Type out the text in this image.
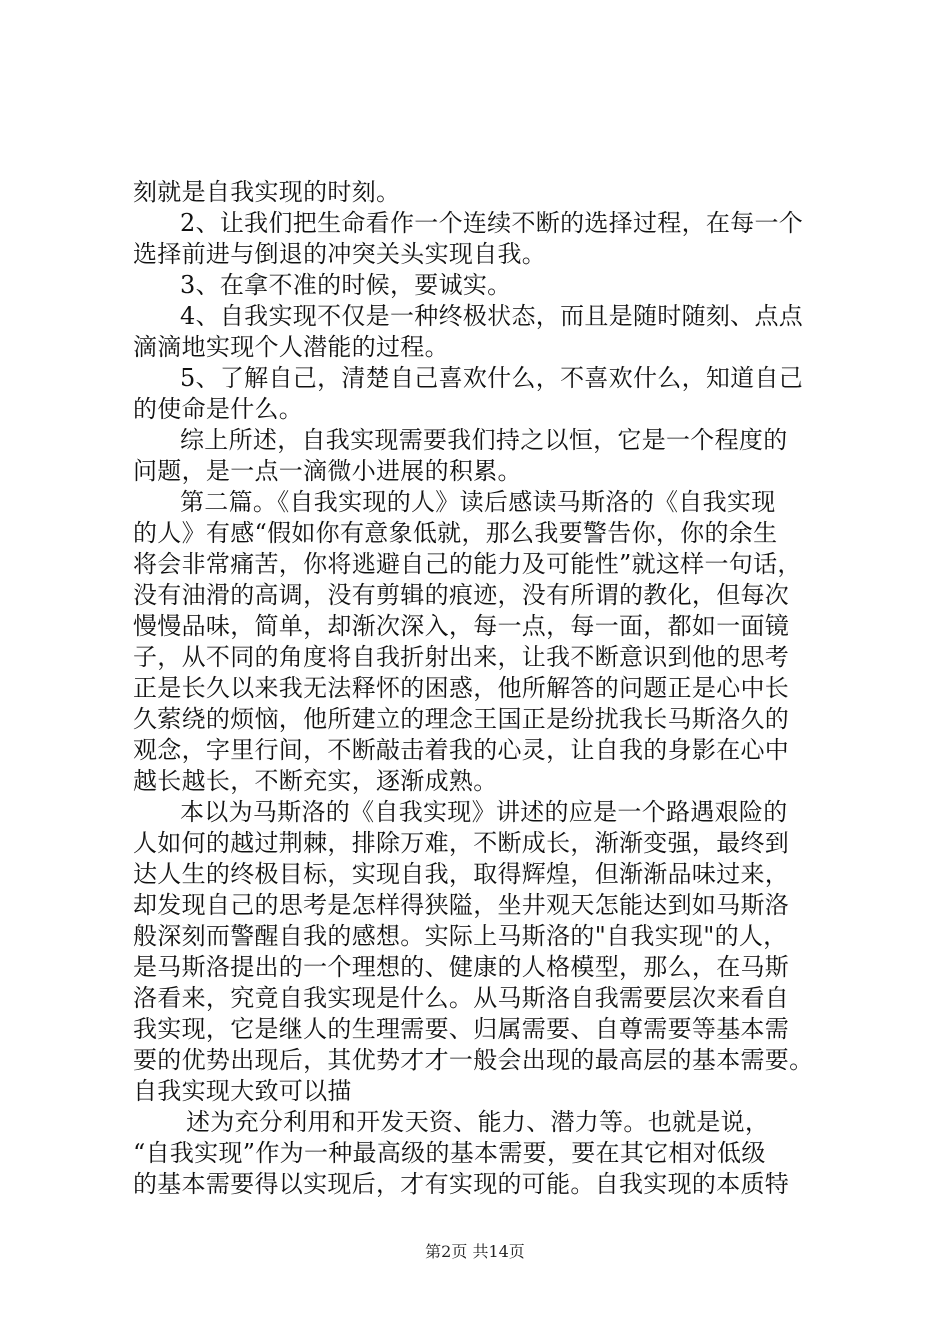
刻就是自我实现的时刻。
2、让我们把生命看作一个连续不断的选择过程，在每一个
选择前进与倒退的冲突关头实现自我。
3、在拿不准的时候，要诚实。
4、自我实现不仅是一种终极状态，而且是随时随刻、点点
滴滴地实现个人潜能的过程。
5、了解自己，清楚自己喜欢什么，不喜欢什么，知道自己
的使命是什么。
综上所述，自我实现需要我们持之以恒，它是一个程度的
问题，是一点一滴微小进展的积累。
第二篇。《自我实现的人》读后感读马斯洛的《自我实现
的人》有感“假如你有意象低就，那么我要警告你，你的余生
将会非常痛苦，你将逃避自己的能力及可能性”就这样一句话，
没有油滑的高调，没有剪辑的痕迹，没有所谓的教化，但每次
慢慢品味，简单，却渐次深入，每一点，每一面，都如一面镜
子，从不同的角度将自我折射出来，让我不断意识到他的思考
正是长久以来我无法释怀的困惑，他所解答的问题正是心中长
久萦绕的烦恼，他所建立的理念王国正是纷扰我长马斯洛久的
观念，字里行间，不断敲击着我的心灵，让自我的身影在心中
越长越长，不断充实，逐渐成熟。
本以为马斯洛的《自我实现》讲述的应是一个路遇艰险的
人如何的越过荆棘，排除万难，不断成长，渐渐变强，最终到
达人生的终极目标，实现自我，取得辉煌，但渐渐品味过来，
却发现自己的思考是怎样得狭隘，坐井观天怎能达到如马斯洛
般深刻而警醒自我的感想。实际上马斯洛的"自我实现"的人，
是马斯洛提出的一个理想的、健康的人格模型，那么，在马斯
洛看来，究竟自我实现是什么。从马斯洛自我需要层次来看自
我实现，它是继人的生理需要、归属需要、自尊需要等基本需
要的优势出现后，其优势才才一般会出现的最高层的基本需要。
自我实现大致可以描
述为充分利用和开发天资、能力、潜力等。也就是说，
“自我实现”作为一种最高级的基本需要，要在其它相对低级
的基本需要得以实现后，才有实现的可能。自我实现的本质特
第2页 共14页
